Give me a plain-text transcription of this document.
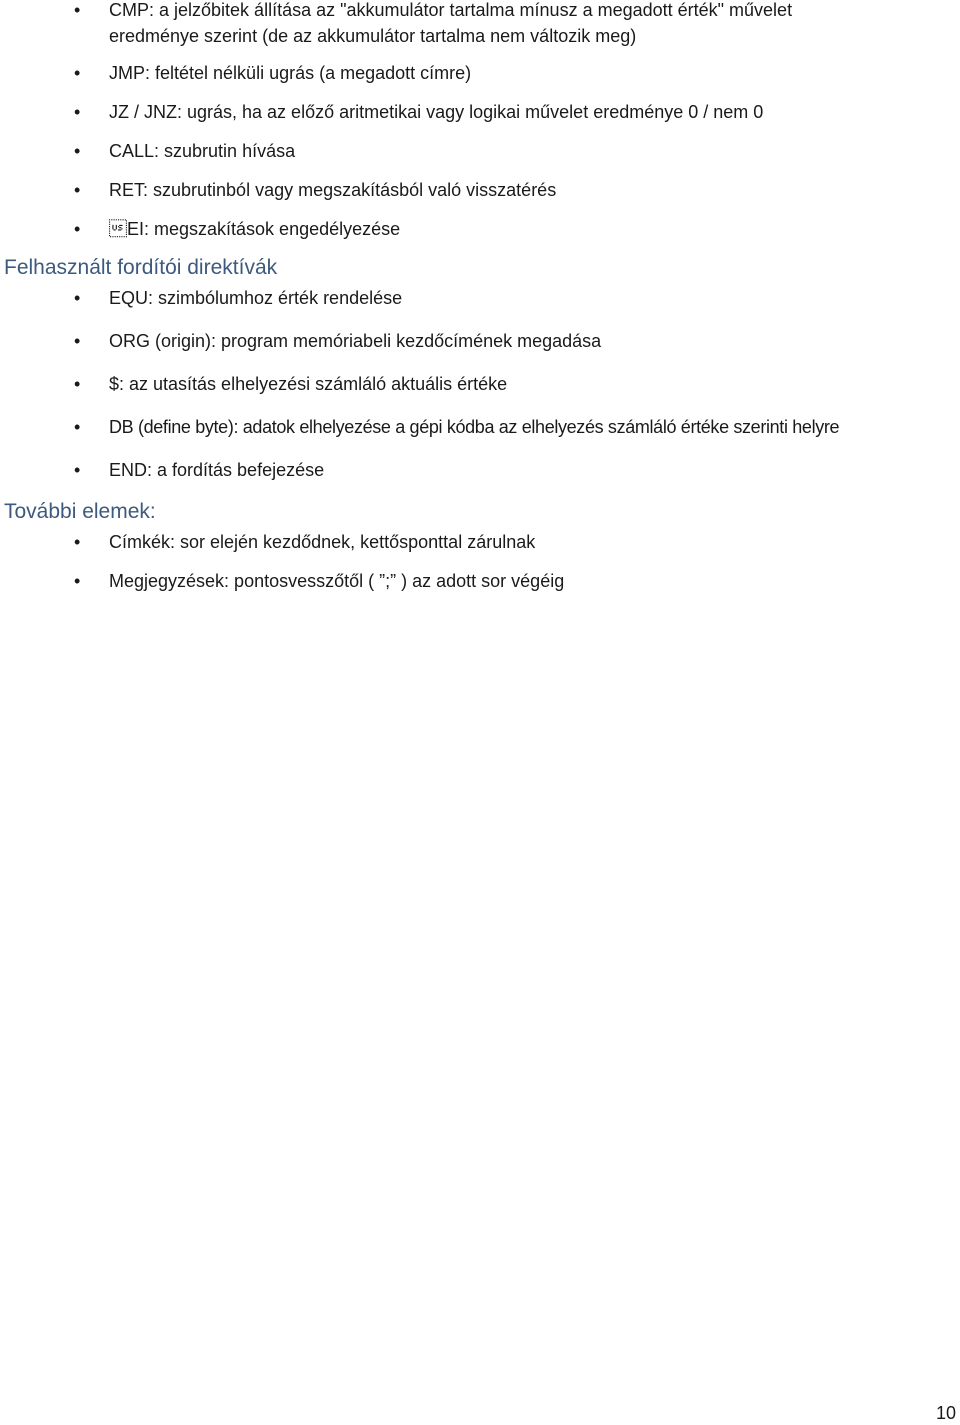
• CMP: a jelzőbitek állítása az "akkumulátor tartalma mínusz a megadott érték" művelet
eredménye szerint (de az akkumulátor tartalma nem változik meg)
• JMP: feltétel nélküli ugrás (a megadott címre)
• JZ / JNZ: ugrás, ha az előző aritmetikai vagy logikai művelet eredménye 0 / nem 0
• CALL: szubrutin hívása
• RET: szubrutinból vagy megszakításból való visszatérés
• EI: megszakítások engedélyezése
Felhasznált fordítói direktívák
• EQU: szimbólumhoz érték rendelése
• ORG (origin): program memóriabeli kezdőcímének megadása
• $: az utasítás elhelyezési számláló aktuális értéke
• DB (define byte): adatok elhelyezése a gépi kódba az elhelyezés számláló értéke szerinti helyre
• END: a fordítás befejezése
További elemek:
• Címkék: sor elején kezdődnek, kettősponttal zárulnak
• Megjegyzések: pontosvesszőtől ( ”;” ) az adott sor végéig
10
